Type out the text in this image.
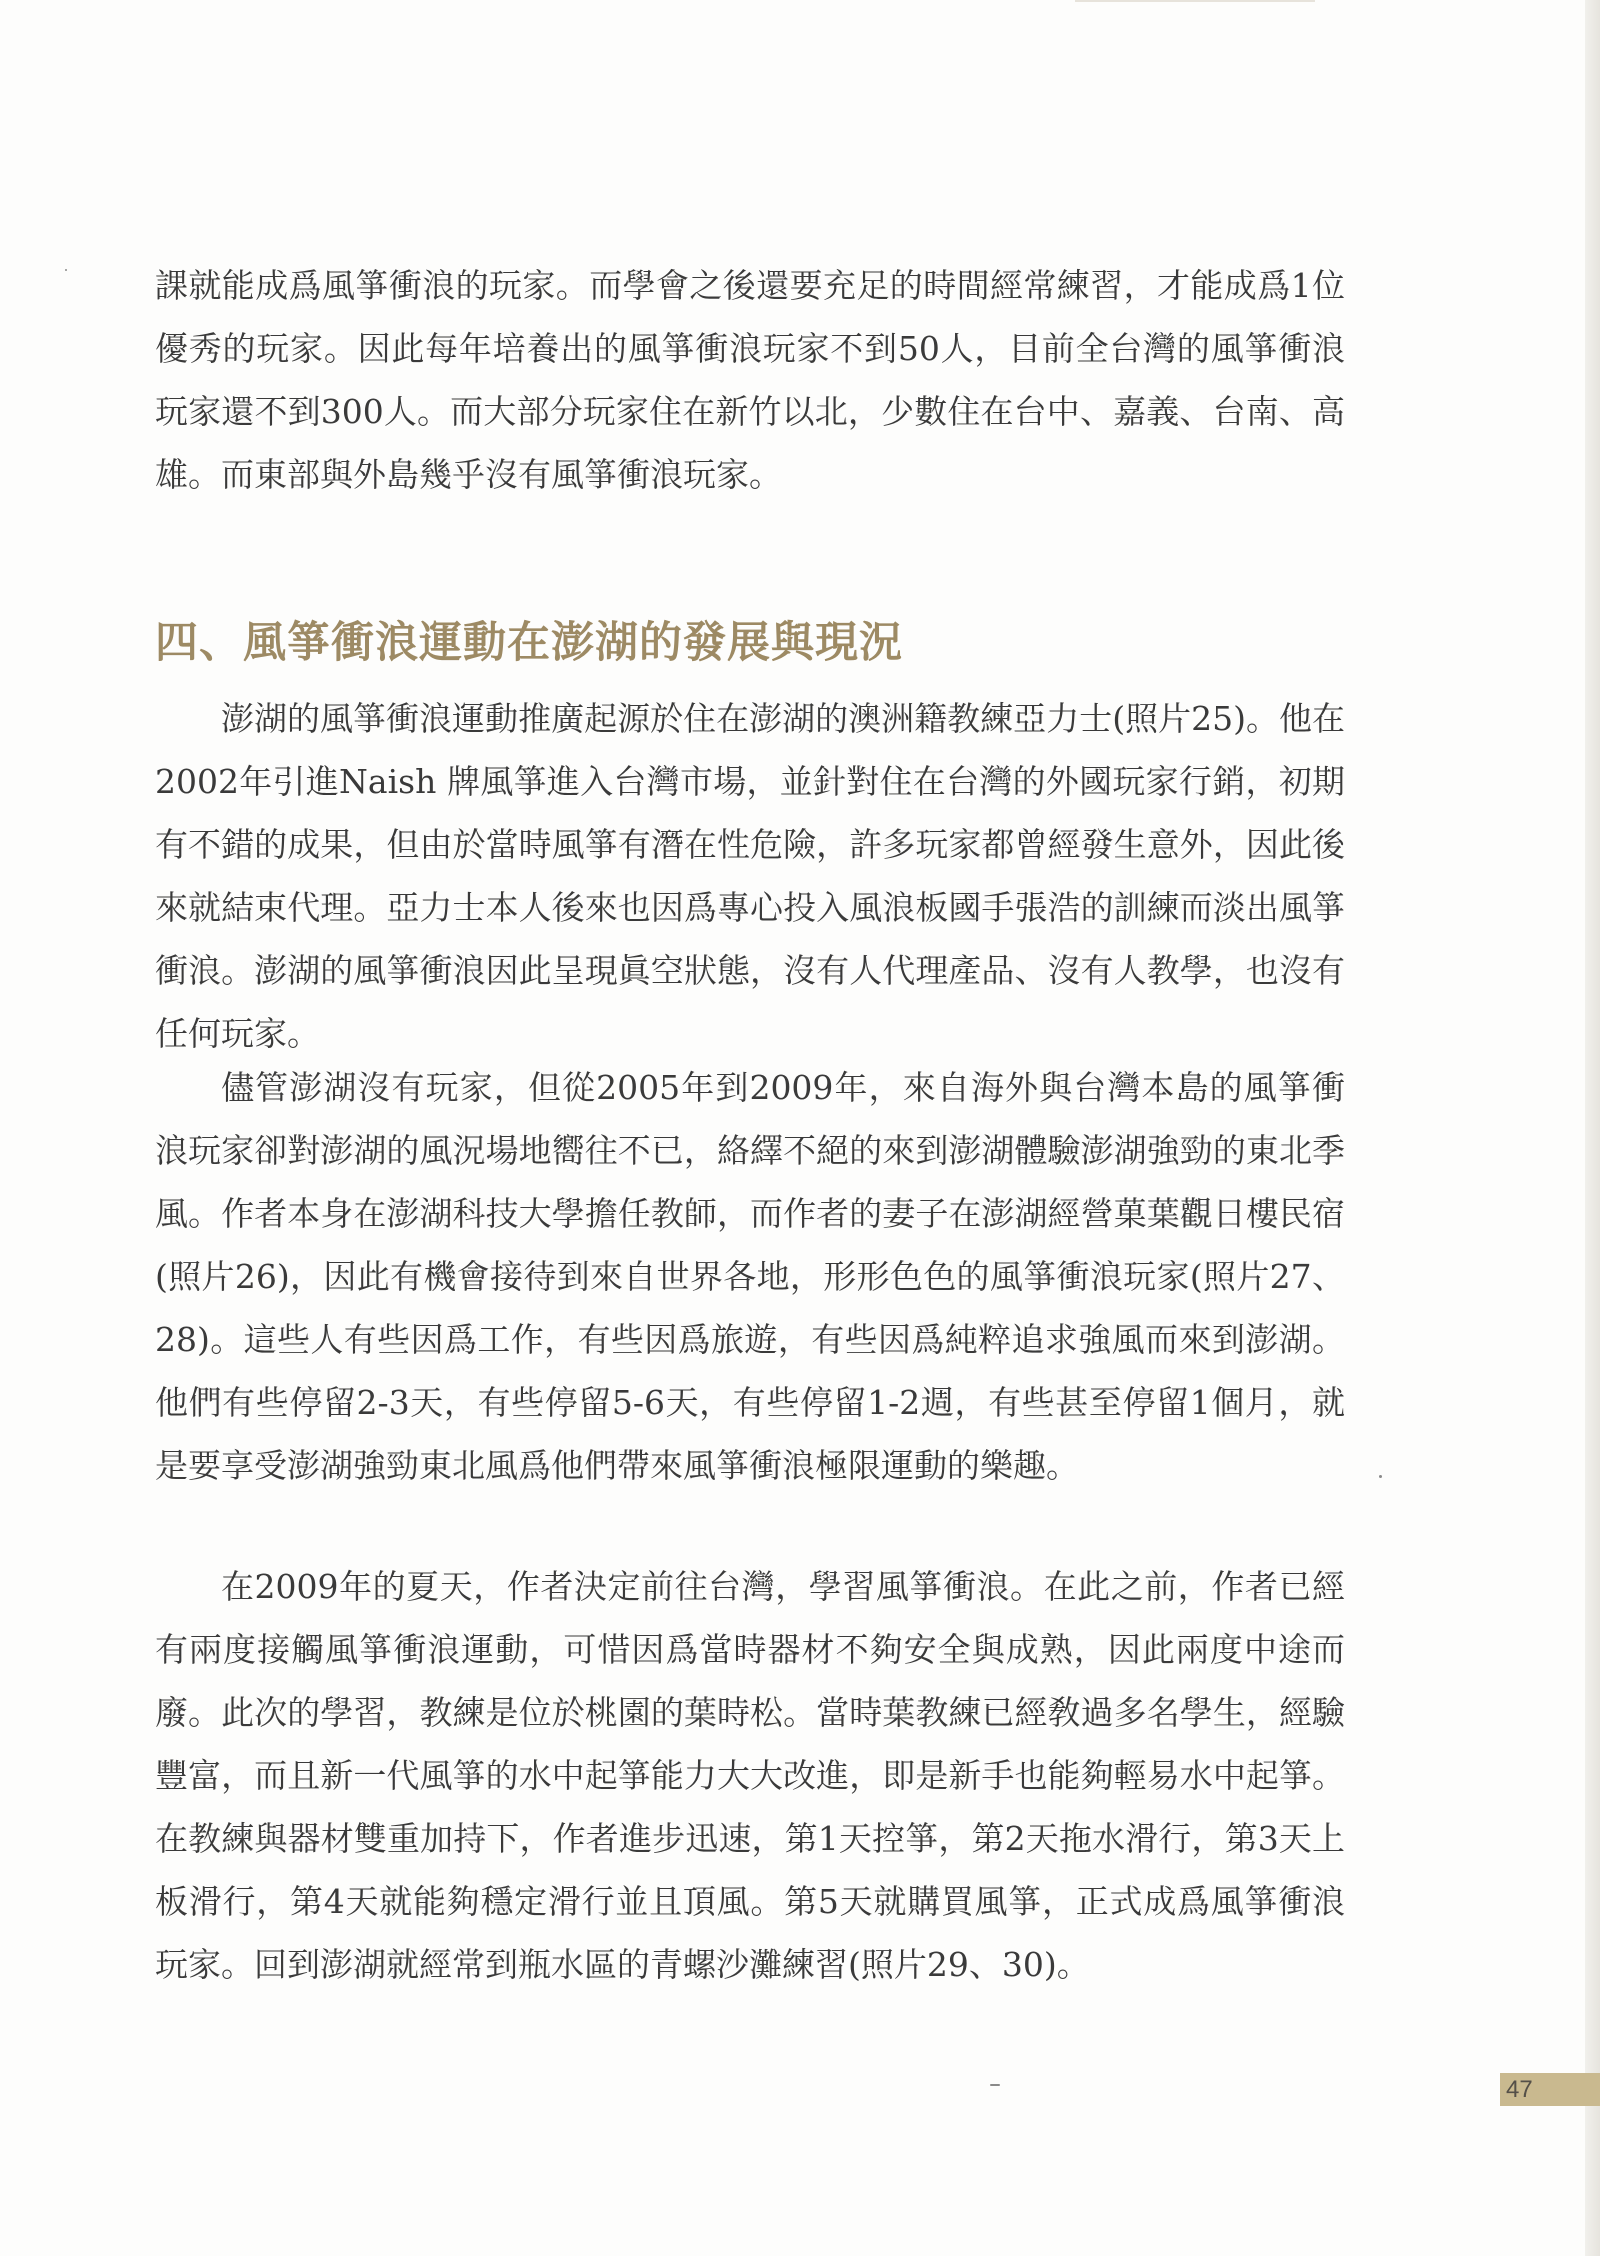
課就能成爲風箏衝浪的玩家。而學會之後還要充足的時間經常練習，才能成爲1位優秀的玩家。因此每年培養出的風箏衝浪玩家不到50人，目前全台灣的風箏衝浪玩家還不到300人。而大部分玩家住在新竹以北，少數住在台中、嘉義、台南、高雄。而東部與外島幾乎沒有風箏衝浪玩家。

四、風箏衝浪運動在澎湖的發展與現況

澎湖的風箏衝浪運動推廣起源於住在澎湖的澳洲籍教練亞力士(照片25)。他在2002年引進Naish 牌風箏進入台灣市場，並針對住在台灣的外國玩家行銷，初期有不錯的成果，但由於當時風箏有潛在性危險，許多玩家都曾經發生意外，因此後來就結束代理。亞力士本人後來也因爲專心投入風浪板國手張浩的訓練而淡出風箏衝浪。澎湖的風箏衝浪因此呈現眞空狀態，沒有人代理產品、沒有人教學，也沒有任何玩家。

儘管澎湖沒有玩家，但從2005年到2009年，來自海外與台灣本島的風箏衝浪玩家卻對澎湖的風況場地嚮往不已，絡繹不絕的來到澎湖體驗澎湖強勁的東北季風。作者本身在澎湖科技大學擔任教師，而作者的妻子在澎湖經營菓葉觀日樓民宿(照片26)，因此有機會接待到來自世界各地，形形色色的風箏衝浪玩家(照片27、28)。這些人有些因爲工作，有些因爲旅遊，有些因爲純粹追求強風而來到澎湖。他們有些停留2-3天，有些停留5-6天，有些停留1-2週，有些甚至停留1個月，就是要享受澎湖強勁東北風爲他們帶來風箏衝浪極限運動的樂趣。

在2009年的夏天，作者決定前往台灣，學習風箏衝浪。在此之前，作者已經有兩度接觸風箏衝浪運動，可惜因爲當時器材不夠安全與成熟，因此兩度中途而廢。此次的學習，教練是位於桃園的葉時松。當時葉教練已經敎過多名學生，經驗豐富，而且新一代風箏的水中起箏能力大大改進，即是新手也能夠輕易水中起箏。在教練與器材雙重加持下，作者進步迅速，第1天控箏，第2天拖水滑行，第3天上板滑行，第4天就能夠穩定滑行並且頂風。第5天就購買風箏，正式成爲風箏衝浪玩家。回到澎湖就經常到瓶水區的青螺沙灘練習(照片29、30)。

47
